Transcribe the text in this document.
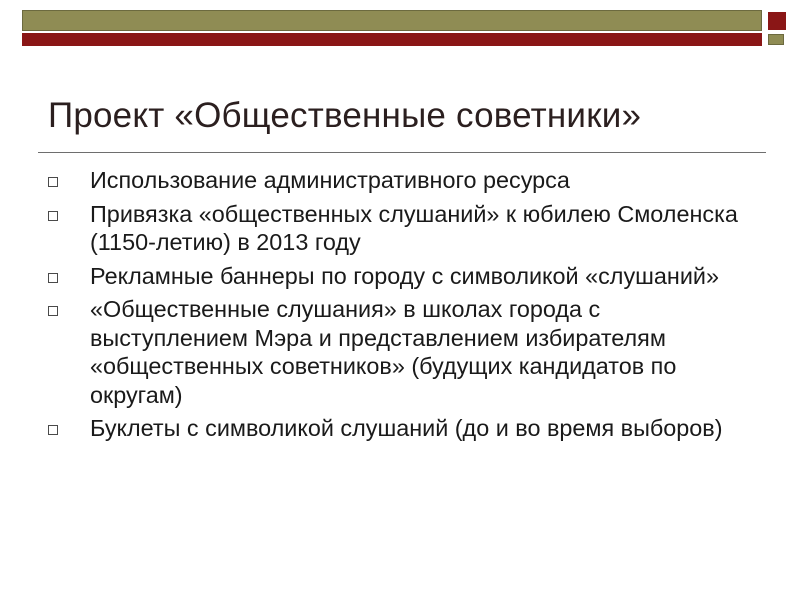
Проект «Общественные советники»
Использование административного ресурса
Привязка «общественных слушаний» к юбилею Смоленска (1150-летию) в 2013 году
Рекламные баннеры по городу с символикой «слушаний»
«Общественные слушания» в школах города с выступлением Мэра и представлением избирателям «общественных советников» (будущих кандидатов по округам)
Буклеты с символикой слушаний (до и во время выборов)
